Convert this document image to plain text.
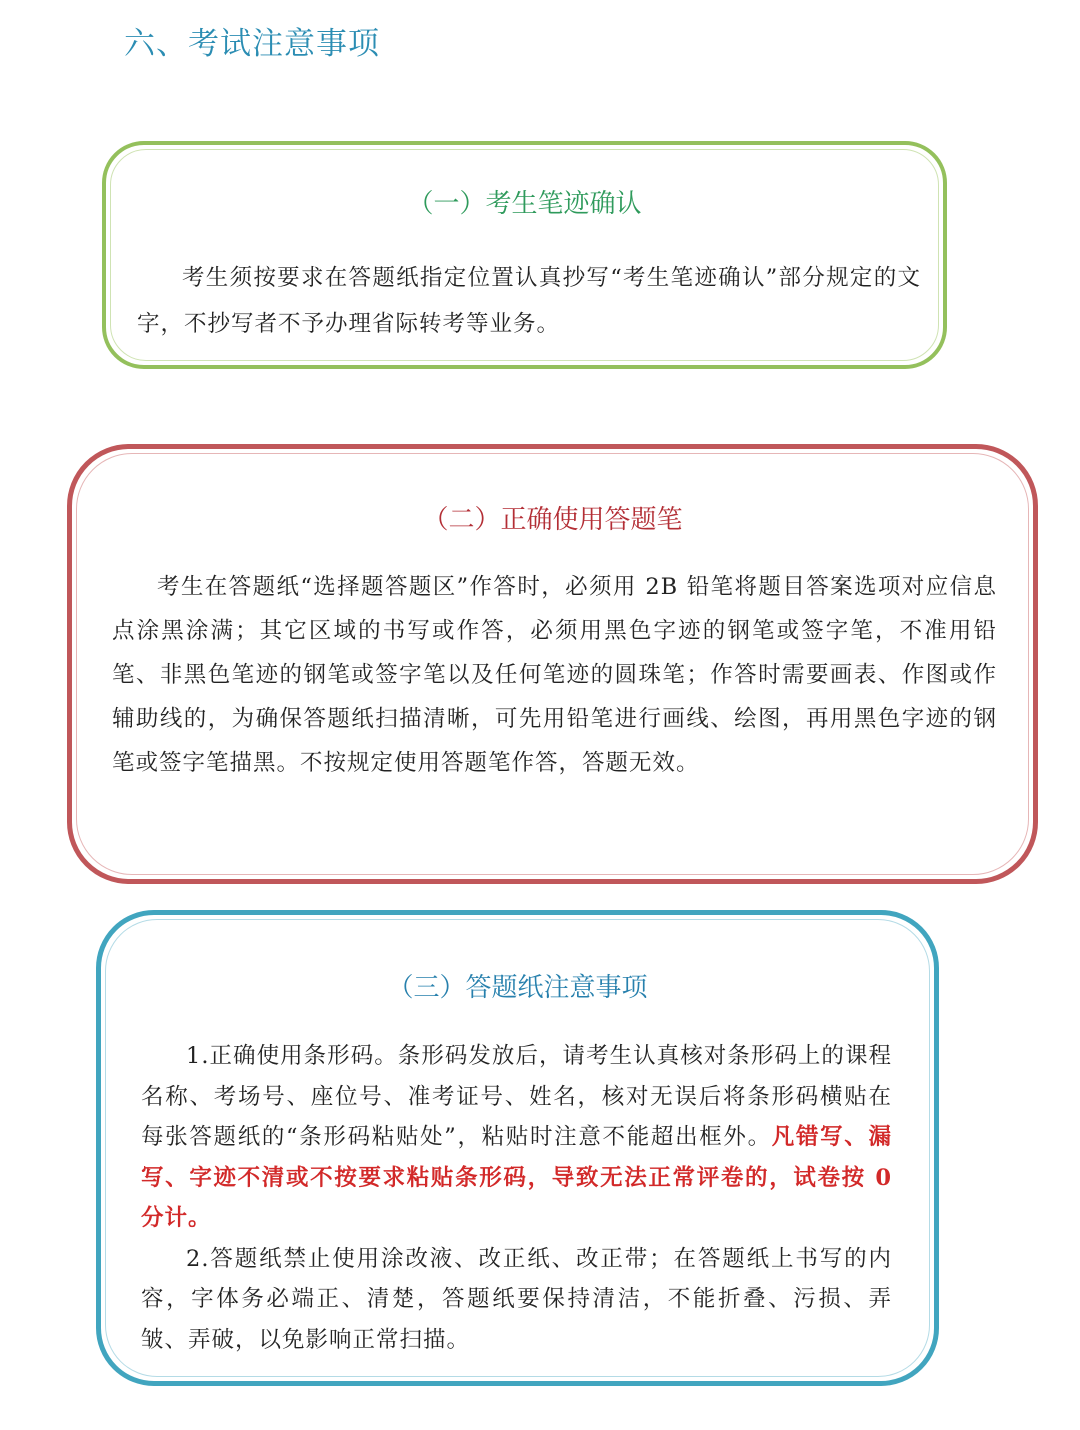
六、考试注意事项
（一）考生笔迹确认

考生须按要求在答题纸指定位置认真抄写“考生笔迹确认”部分规定的文字，不抄写者不予办理省际转考等业务。

（二）正确使用答题笔

考生在答题纸“选择题答题区”作答时，必须用 2B 铅笔将题目答案选项对应信息点涂黑涂满；其它区域的书写或作答，必须用黑色字迹的钢笔或签字笔，不准用铅笔、非黑色笔迹的钢笔或签字笔以及任何笔迹的圆珠笔；作答时需要画表、作图或作辅助线的，为确保答题纸扫描清晰，可先用铅笔进行画线、绘图，再用黑色字迹的钢笔或签字笔描黑。不按规定使用答题笔作答，答题无效。

（三）答题纸注意事项

1.正确使用条形码。条形码发放后，请考生认真核对条形码上的课程名称、考场号、座位号、准考证号、姓名，核对无误后将条形码横贴在每张答题纸的“条形码粘贴处”，粘贴时注意不能超出框外。凡错写、漏写、字迹不清或不按要求粘贴条形码，导致无法正常评卷的，试卷按 0 分计。

2.答题纸禁止使用涂改液、改正纸、改正带；在答题纸上书写的内容，字体务必端正、清楚，答题纸要保持清洁，不能折叠、污损、弄皱、弄破，以免影响正常扫描。
